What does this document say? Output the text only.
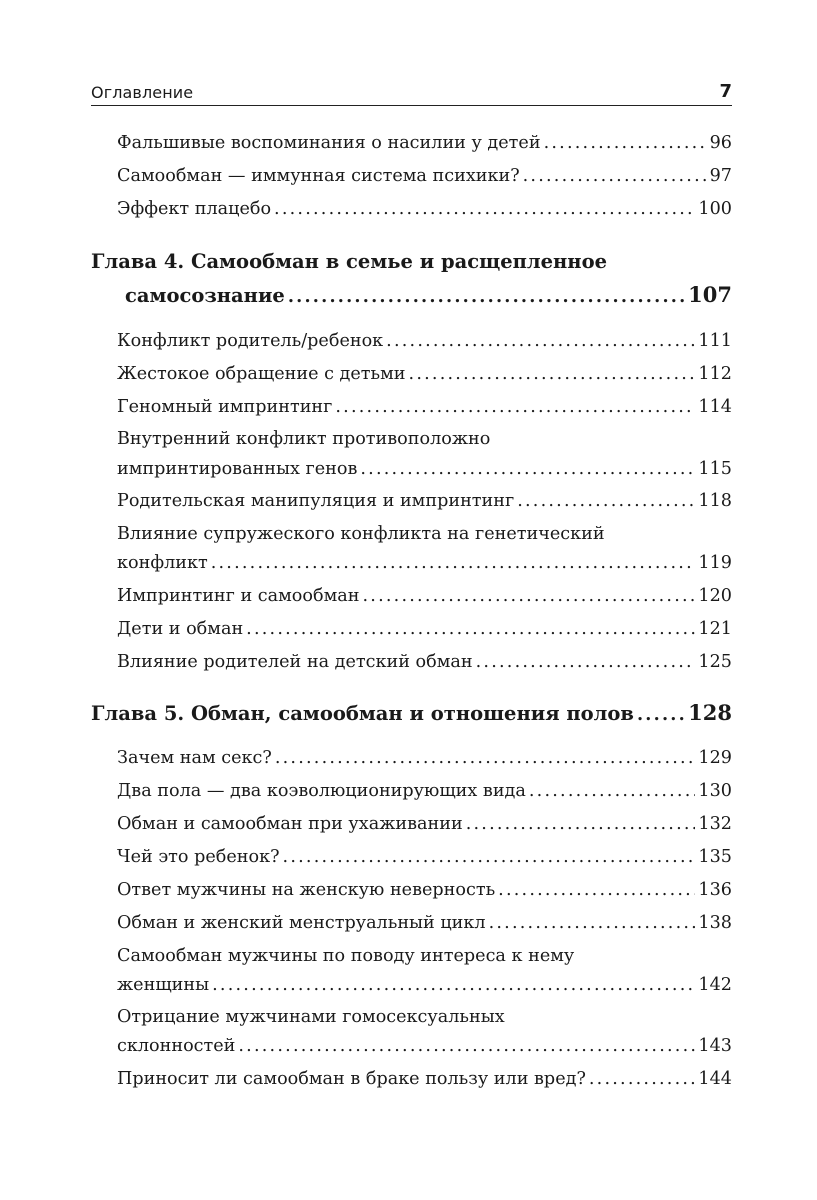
Оглавление	7
Фальшивые воспоминания о насилии у детей .....	96
Самообман — иммунная система психики? .....	97
Эффект плацебо .....	100
Глава 4. Самообман в семье и расщепленное
самосознание .....	107
Конфликт родитель/ребенок .....	111
Жестокое обращение с детьми .....	112
Геномный импринтинг .....	114
Внутренний конфликт противоположно
импринтированных генов .....	115
Родительская манипуляция и импринтинг .....	118
Влияние супружеского конфликта на генетический
конфликт .....	119
Импринтинг и самообман .....	120
Дети и обман .....	121
Влияние родителей на детский обман .....	125
Глава 5. Обман, самообман и отношения полов .....	128
Зачем нам секс? .....	129
Два пола — два коэволюционирующих вида .....	130
Обман и самообман при ухаживании .....	132
Чей это ребенок? .....	135
Ответ мужчины на женскую неверность .....	136
Обман и женский менструальный цикл .....	138
Самообман мужчины по поводу интереса к нему
женщины .....	142
Отрицание мужчинами гомосексуальных
склонностей .....	143
Приносит ли самообман в браке пользу или вред? .....	144
